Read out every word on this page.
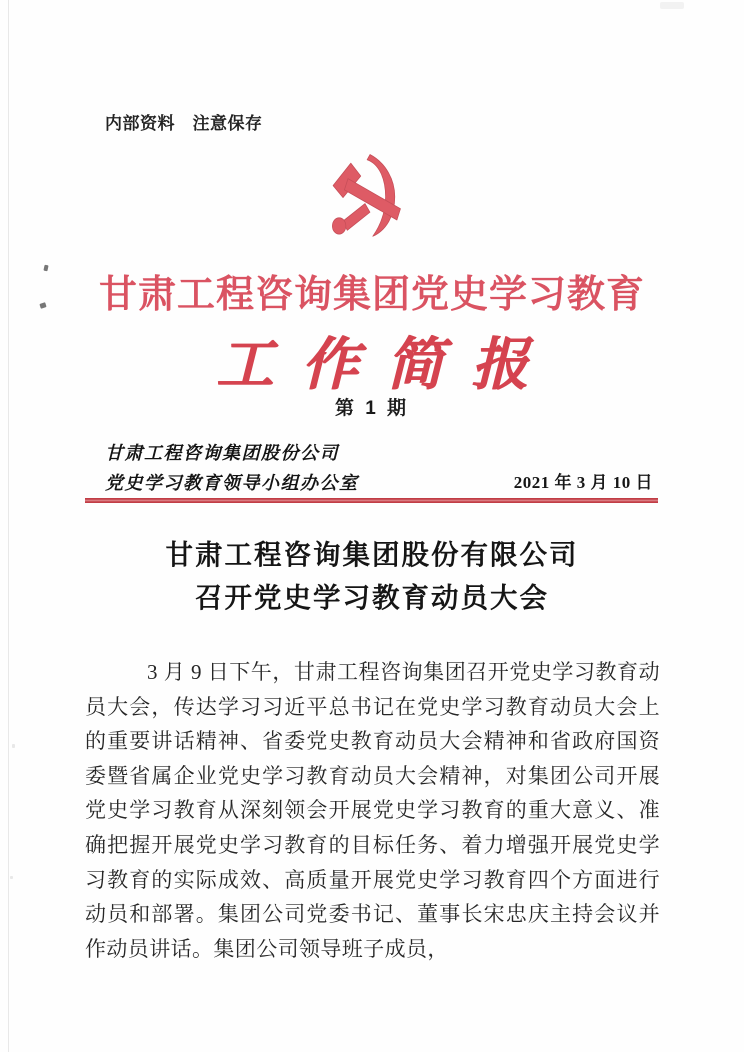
内部资料　注意保存
甘肃工程咨询集团党史学习教育
工作简报
第 1 期
甘肃工程咨询集团股份公司
党史学习教育领导小组办公室	2021 年 3 月 10 日
甘肃工程咨询集团股份有限公司
召开党史学习教育动员大会

3 月 9 日下午，甘肃工程咨询集团召开党史学习教育动员大会，传达学习习近平总书记在党史学习教育动员大会上的重要讲话精神、省委党史教育动员大会精神和省政府国资委暨省属企业党史学习教育动员大会精神，对集团公司开展党史学习教育从深刻领会开展党史学习教育的重大意义、准确把握开展党史学习教育的目标任务、着力增强开展党史学习教育的实际成效、高质量开展党史学习教育四个方面进行动员和部署。集团公司党委书记、董事长宋忠庆主持会议并作动员讲话。集团公司领导班子成员，
